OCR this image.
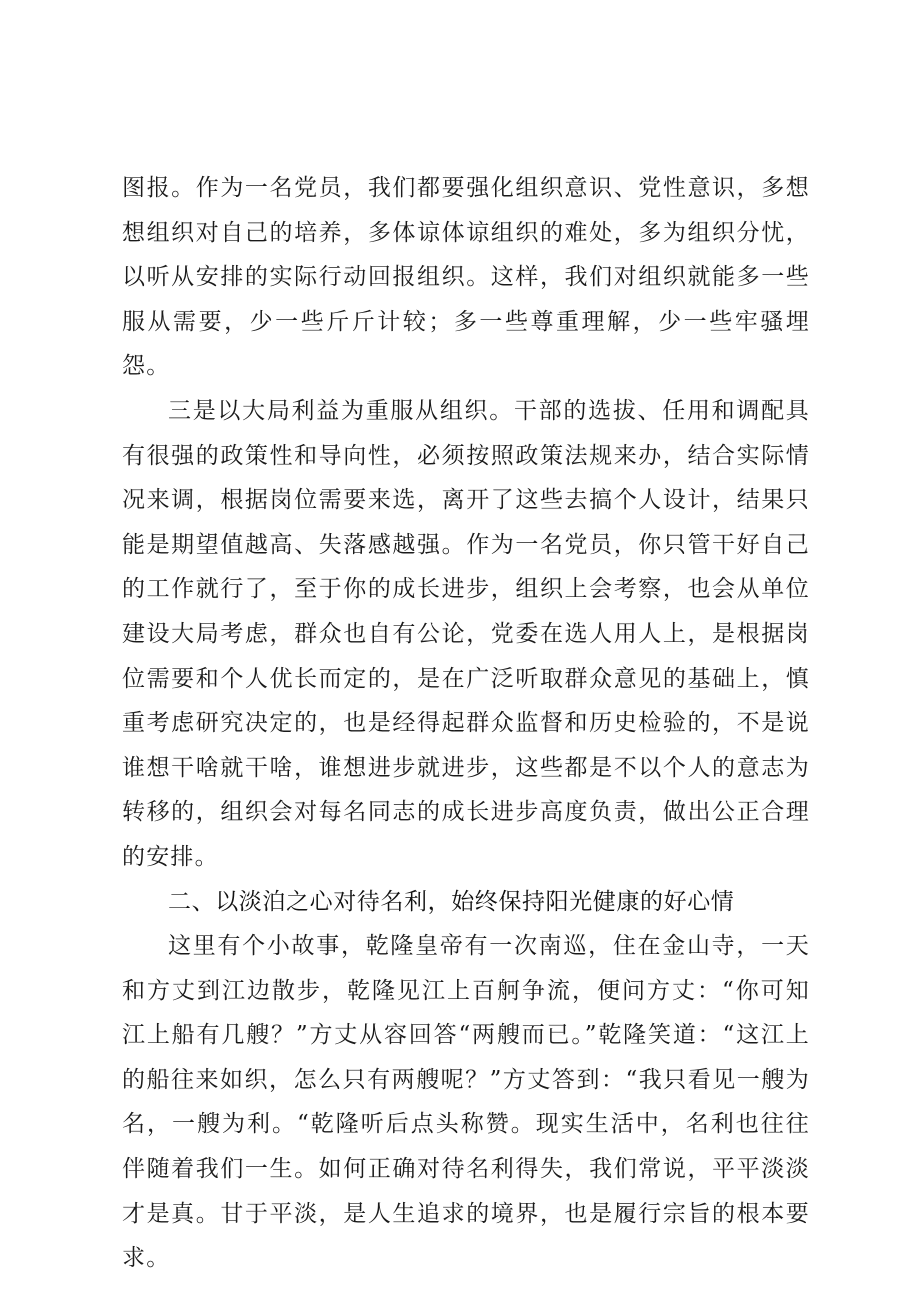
图报。作为一名党员，我们都要强化组织意识、党性意识，多想想组织对自己的培养，多体谅体谅组织的难处，多为组织分忧，以听从安排的实际行动回报组织。这样，我们对组织就能多一些服从需要，少一些斤斤计较；多一些尊重理解，少一些牢骚埋怨。

三是以大局利益为重服从组织。干部的选拔、任用和调配具有很强的政策性和导向性，必须按照政策法规来办，结合实际情况来调，根据岗位需要来选，离开了这些去搞个人设计，结果只能是期望值越高、失落感越强。作为一名党员，你只管干好自己的工作就行了，至于你的成长进步，组织上会考察，也会从单位建设大局考虑，群众也自有公论，党委在选人用人上，是根据岗位需要和个人优长而定的，是在广泛听取群众意见的基础上，慎重考虑研究决定的，也是经得起群众监督和历史检验的，不是说谁想干啥就干啥，谁想进步就进步，这些都是不以个人的意志为转移的，组织会对每名同志的成长进步高度负责，做出公正合理的安排。

二、以淡泊之心对待名利，始终保持阳光健康的好心情

这里有个小故事，乾隆皇帝有一次南巡，住在金山寺，一天和方丈到江边散步，乾隆见江上百舸争流，便问方丈：“你可知江上船有几艘？”方丈从容回答“两艘而已。”乾隆笑道：“这江上的船往来如织，怎么只有两艘呢？”方丈答到：“我只看见一艘为名，一艘为利。“乾隆听后点头称赞。现实生活中，名利也往往伴随着我们一生。如何正确对待名利得失，我们常说，平平淡淡才是真。甘于平淡，是人生追求的境界，也是履行宗旨的根本要求。
